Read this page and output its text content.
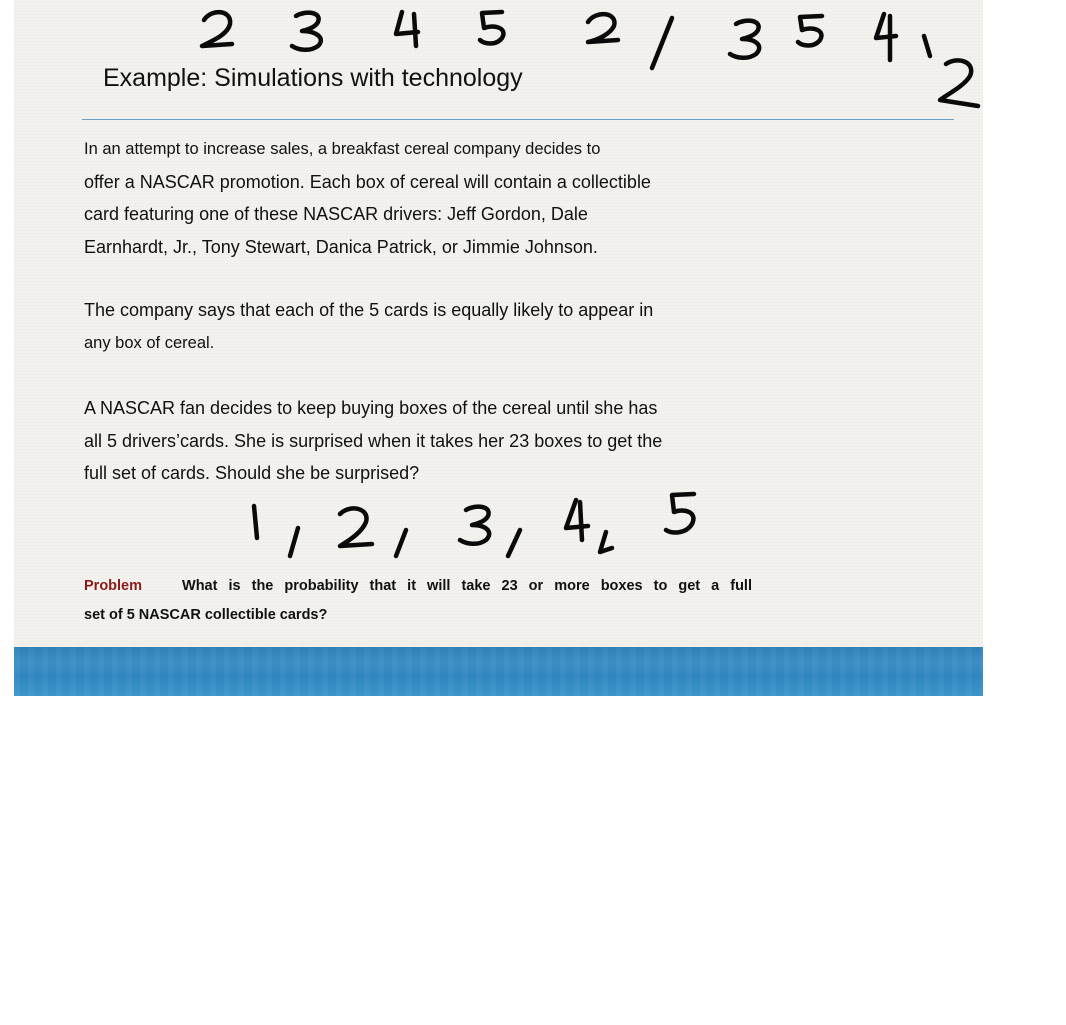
Example: Simulations with technology
In an attempt to increase sales, a breakfast cereal company decides to
offer a NASCAR promotion. Each box of cereal will contain a collectible
card featuring one of these NASCAR drivers: Jeff Gordon, Dale
Earnhardt, Jr., Tony Stewart, Danica Patrick, or Jimmie Johnson.
The company says that each of the 5 cards is equally likely to appear in
any box of cereal.
A NASCAR fan decides to keep buying boxes of the cereal until she has
all 5 drivers’cards. She is surprised when it takes her 23 boxes to get the
full set of cards. Should she be surprised?
Problem	What is the probability that it will take 23 or more boxes to get a full
set of 5 NASCAR collectible cards?
